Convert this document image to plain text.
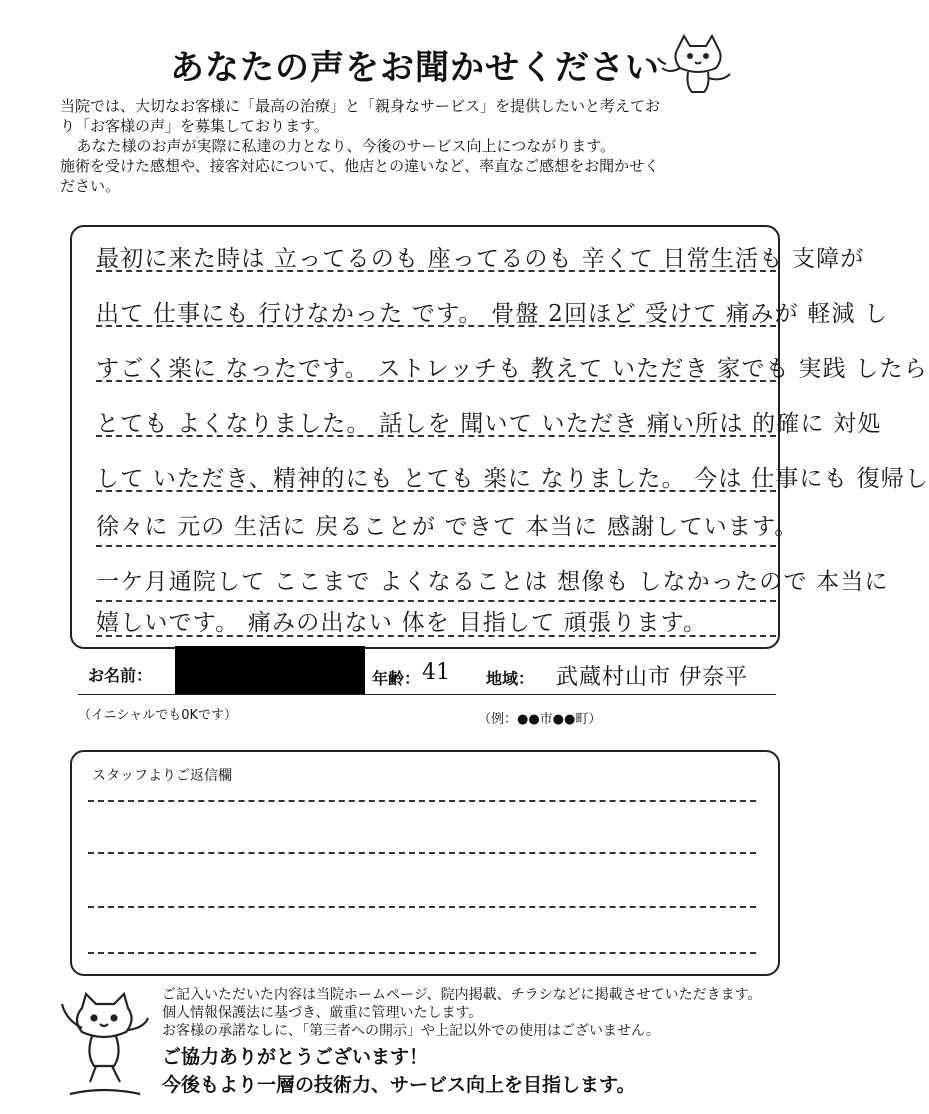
あなたの声をお聞かせください

当院では、大切なお客様に「最高の治療」と「親身なサービス」を提供したいと考えてお

り「お客様の声」を募集しております。

あなた様のお声が実際に私達の力となり、今後のサービス向上につながります。

施術を受けた感想や、接客対応について、他店との違いなど、率直なご感想をお聞かせく

ださい。

最初に来た時は 立ってるのも 座ってるのも 辛くて 日常生活も 支障が
出て 仕事にも 行けなかった です。 骨盤 2回ほど 受けて 痛みが 軽減 し
すごく楽に なったです。 ストレッチも 教えて いただき 家でも 実践 したら
とても よくなりました。 話しを 聞いて いただき 痛い所は 的確に 対処
して いただき、精神的にも とても 楽に なりました。 今は 仕事にも 復帰し
徐々に 元の 生活に 戻ることが できて 本当に 感謝しています。
一ケ月通院して ここまで よくなることは 想像も しなかったので 本当に
嬉しいです。 痛みの出ない 体を 目指して 頑張ります。
お名前：	年齢： 41 地域： 武蔵村山市 伊奈平
（イニシャルでも0Kです）	（例：●●市●●町）
スタッフよりご返信欄
ご記入いただいた内容は当院ホームページ、院内掲載、チラシなどに掲載させていただきます。
個人情報保護法に基づき、厳重に管理いたします。
お客様の承諾なしに、「第三者への開示」や上記以外での使用はございません。
ご協力ありがとうございます！
今後もより一層の技術力、サービス向上を目指します。
